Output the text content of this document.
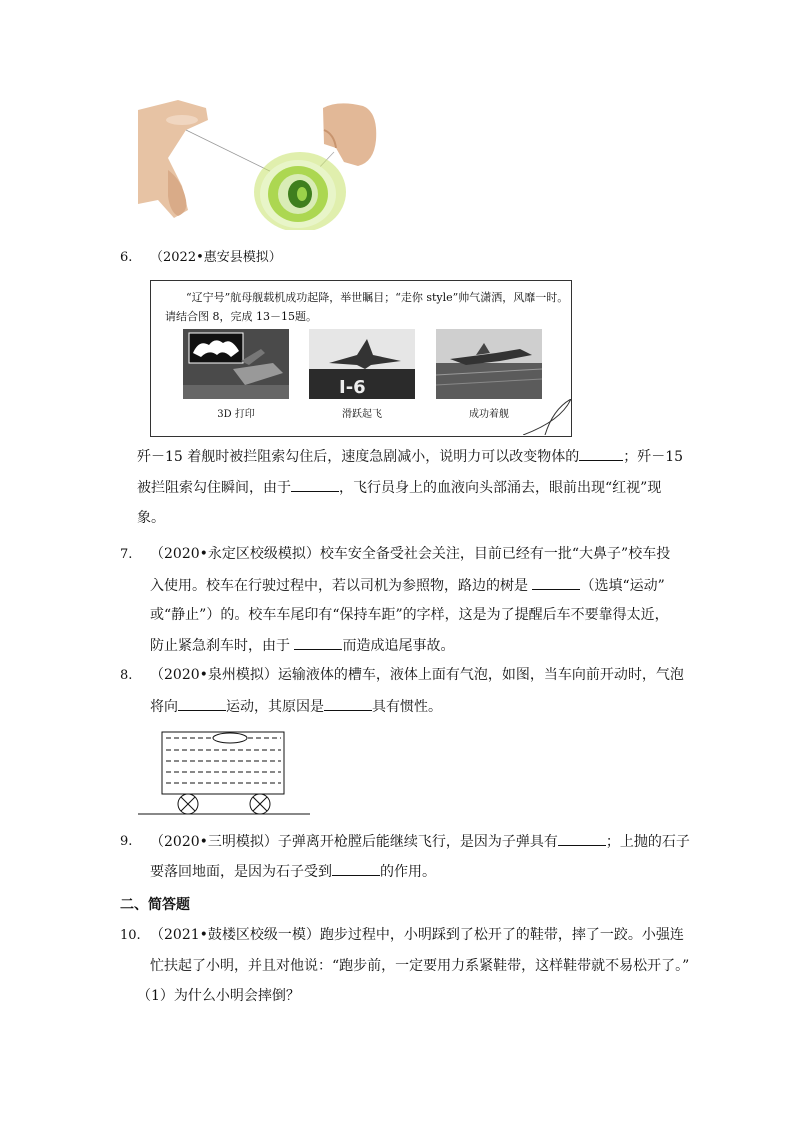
6. （2022•惠安县模拟）
“辽宁号”航母舰载机成功起降，举世瞩目；“走你 style”帅气潇洒，风靡一时。
请结合图 8，完成 13－15题。
I-6
3D 打印	滑跃起飞	成功着舰
歼－15 着舰时被拦阻索勾住后，速度急剧减小，说明力可以改变物体的	；歼－15
被拦阻索勾住瞬间，由于	，飞行员身上的血液向头部涌去，眼前出现“红视”现
象。
7. （2020•永定区校级模拟）校车安全备受社会关注，目前已经有一批“大鼻子”校车投
入使用。校车在行驶过程中，若以司机为参照物，路边的树是	（选填“运动”
或“静止”）的。校车车尾印有“保持车距”的字样，这是为了提醒后车不要靠得太近，
防止紧急刹车时，由于	而造成追尾事故。
8. （2020•泉州模拟）运输液体的槽车，液体上面有气泡，如图，当车向前开动时，气泡
将向	运动，其原因是	具有惯性。
9. （2020•三明模拟）子弹离开枪膛后能继续飞行，是因为子弹具有	；上抛的石子
要落回地面，是因为石子受到	的作用。
二、简答题
10. （2021•鼓楼区校级一模）跑步过程中，小明踩到了松开了的鞋带，摔了一跤。小强连
忙扶起了小明，并且对他说：“跑步前，一定要用力系紧鞋带，这样鞋带就不易松开了。”
（1）为什么小明会摔倒？
